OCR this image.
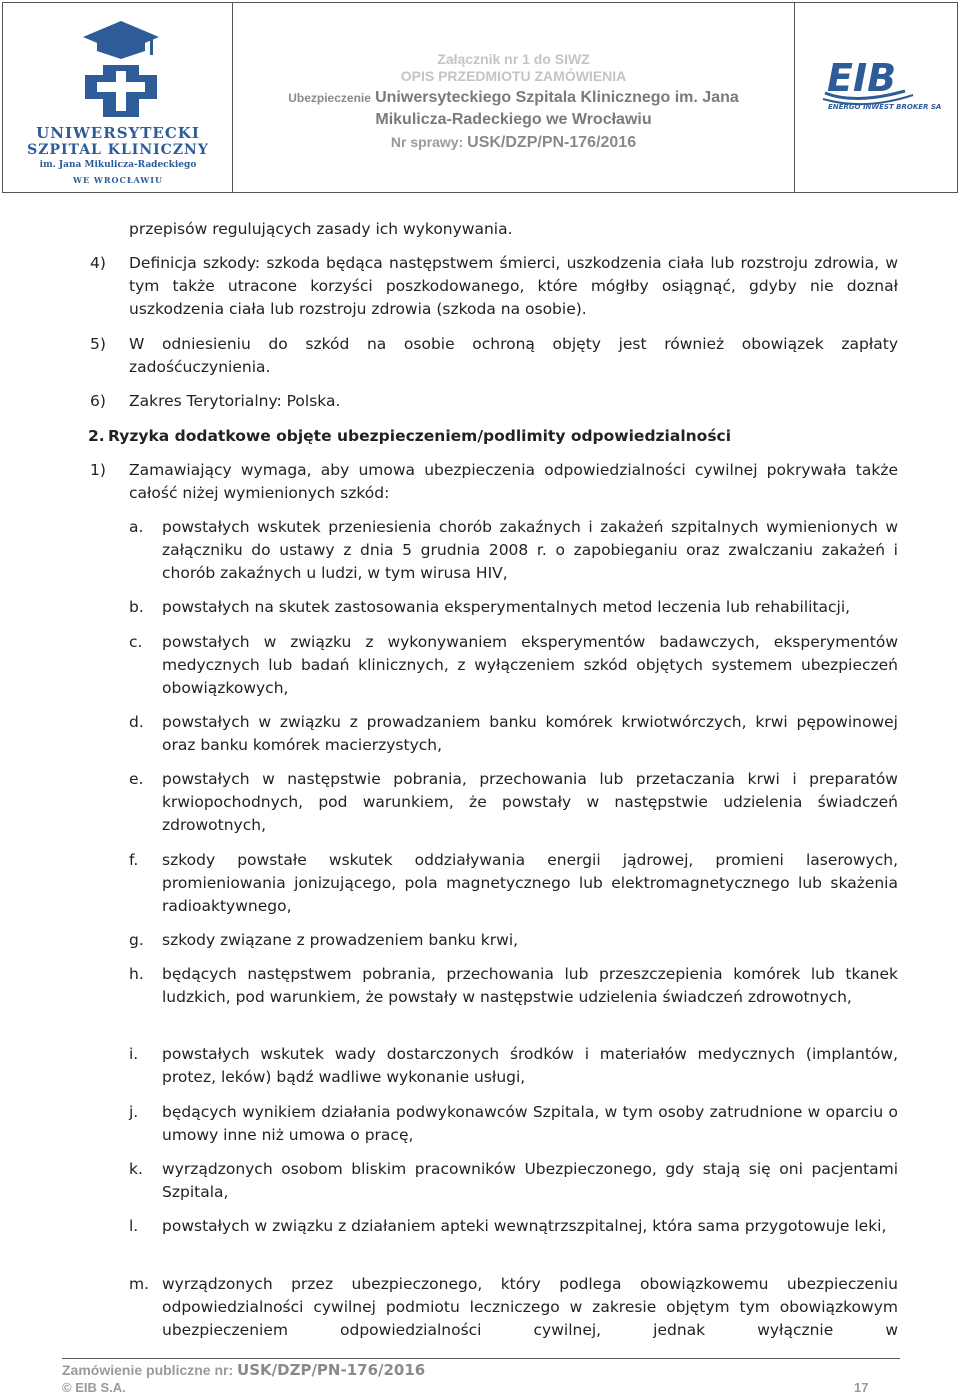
UNIWERSYTECKI
SZPITAL KLINICZNY
im. Jana Mikulicza-Radeckiego
WE WROCŁAWIU
Załącznik nr 1 do SIWZ
OPIS PRZEDMIOTU ZAMÓWIENIA
Ubezpieczenie Uniwersyteckiego Szpitala Klinicznego im. Jana Mikulicza-Radeckiego we Wrocławiu
Nr sprawy: USK/DZP/PN-176/2016
EIB
ENERGO INWEST BROKER SA
przepisów regulujących zasady ich wykonywania.
4) Definicja szkody: szkoda będąca następstwem śmierci, uszkodzenia ciała lub rozstroju zdrowia, w tym także utracone korzyści poszkodowanego, które mógłby osiągnąć, gdyby nie doznał uszkodzenia ciała lub rozstroju zdrowia (szkoda na osobie).
5) W odniesieniu do szkód na osobie ochroną objęty jest również obowiązek zapłaty zadośćuczynienia.
6) Zakres Terytorialny: Polska.
2. Ryzyka dodatkowe objęte ubezpieczeniem/podlimity odpowiedzialności
1) Zamawiający wymaga, aby umowa ubezpieczenia odpowiedzialności cywilnej pokrywała także całość niżej wymienionych szkód:
a. powstałych wskutek przeniesienia chorób zakaźnych i zakażeń szpitalnych wymienionych w załączniku do ustawy z dnia 5 grudnia 2008 r. o zapobieganiu oraz zwalczaniu zakażeń i chorób zakaźnych u ludzi, w tym wirusa HIV,
b. powstałych na skutek zastosowania eksperymentalnych metod leczenia lub rehabilitacji,
c. powstałych w związku z wykonywaniem eksperymentów badawczych, eksperymentów medycznych lub badań klinicznych, z wyłączeniem szkód objętych systemem ubezpieczeń obowiązkowych,
d. powstałych w związku z prowadzaniem banku komórek krwiotwórczych, krwi pępowinowej oraz banku komórek macierzystych,
e. powstałych w następstwie pobrania, przechowania lub przetaczania krwi i preparatów krwiopochodnych, pod warunkiem, że powstały w następstwie udzielenia świadczeń zdrowotnych,
f. szkody powstałe wskutek oddziaływania energii jądrowej, promieni laserowych, promieniowania jonizującego, pola magnetycznego lub elektromagnetycznego lub skażenia radioaktywnego,
g. szkody związane z prowadzeniem banku krwi,
h. będących następstwem pobrania, przechowania lub przeszczepienia komórek lub tkanek ludzkich, pod warunkiem, że powstały w następstwie udzielenia świadczeń zdrowotnych,
i. powstałych wskutek wady dostarczonych środków i materiałów medycznych (implantów, protez, leków) bądź wadliwe wykonanie usługi,
j. będących wynikiem działania podwykonawców Szpitala, w tym osoby zatrudnione w oparciu o umowy inne niż umowa o pracę,
k. wyrządzonych osobom bliskim pracowników Ubezpieczonego, gdy stają się oni pacjentami Szpitala,
l. powstałych w związku z działaniem apteki wewnątrzszpitalnej, która sama przygotowuje leki,
m. wyrządzonych przez ubezpieczonego, który podlega obowiązkowemu ubezpieczeniu odpowiedzialności cywilnej podmiotu leczniczego w zakresie objętym tym obowiązkowym ubezpieczeniem odpowiedzialności cywilnej, jednak wyłącznie w
Zamówienie publiczne nr: USK/DZP/PN-176/2016
© EIB S.A.	17
